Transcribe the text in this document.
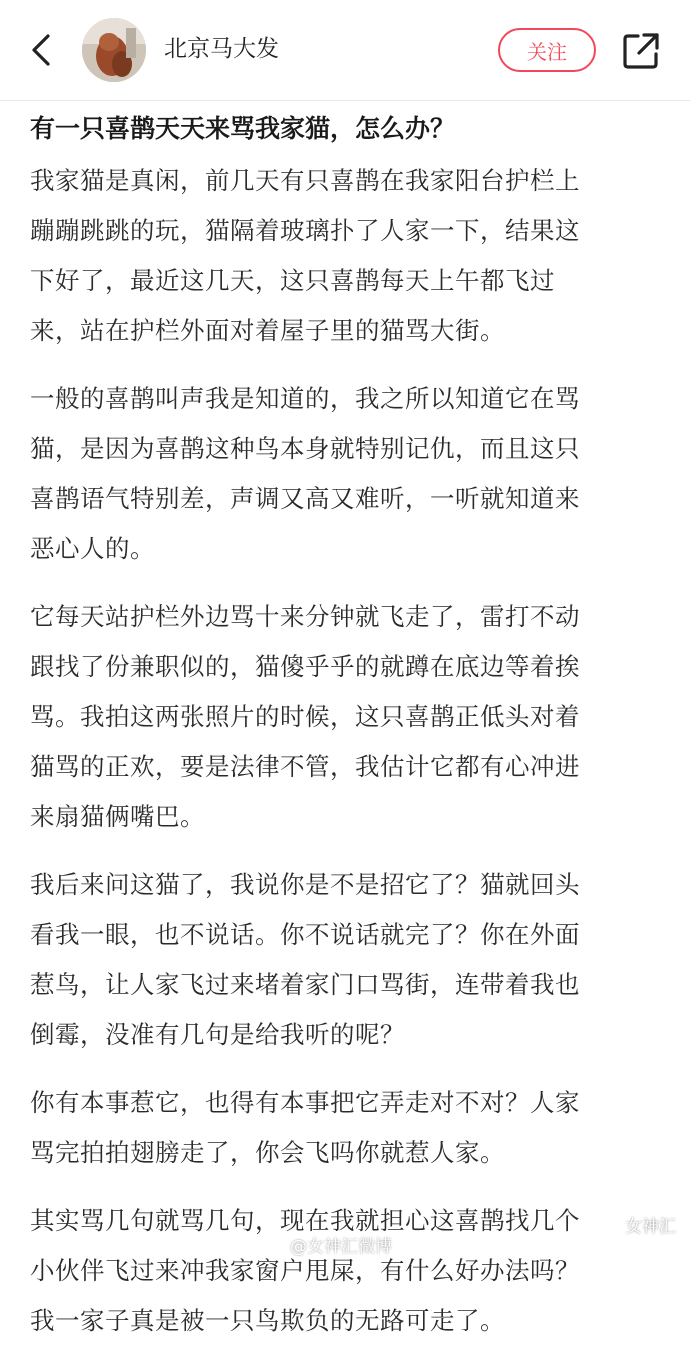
北京马大发	关注
有一只喜鹊天天来骂我家猫，怎么办？

我家猫是真闲，前几天有只喜鹊在我家阳台护栏上
蹦蹦跳跳的玩，猫隔着玻璃扑了人家一下，结果这
下好了，最近这几天，这只喜鹊每天上午都飞过
来，站在护栏外面对着屋子里的猫骂大街。

一般的喜鹊叫声我是知道的，我之所以知道它在骂
猫，是因为喜鹊这种鸟本身就特别记仇，而且这只
喜鹊语气特别差，声调又高又难听，一听就知道来
恶心人的。

它每天站护栏外边骂十来分钟就飞走了，雷打不动
跟找了份兼职似的，猫傻乎乎的就蹲在底边等着挨
骂。我拍这两张照片的时候，这只喜鹊正低头对着
猫骂的正欢，要是法律不管，我估计它都有心冲进
来扇猫俩嘴巴。

我后来问这猫了，我说你是不是招它了？猫就回头
看我一眼，也不说话。你不说话就完了？你在外面
惹鸟，让人家飞过来堵着家门口骂街，连带着我也
倒霉，没准有几句是给我听的呢？

你有本事惹它，也得有本事把它弄走对不对？人家
骂完拍拍翅膀走了，你会飞吗你就惹人家。

其实骂几句就骂几句，现在我就担心这喜鹊找几个
小伙伴飞过来冲我家窗户甩屎，有什么好办法吗？
我一家子真是被一只鸟欺负的无路可走了。

女神汇
@女神汇微博
